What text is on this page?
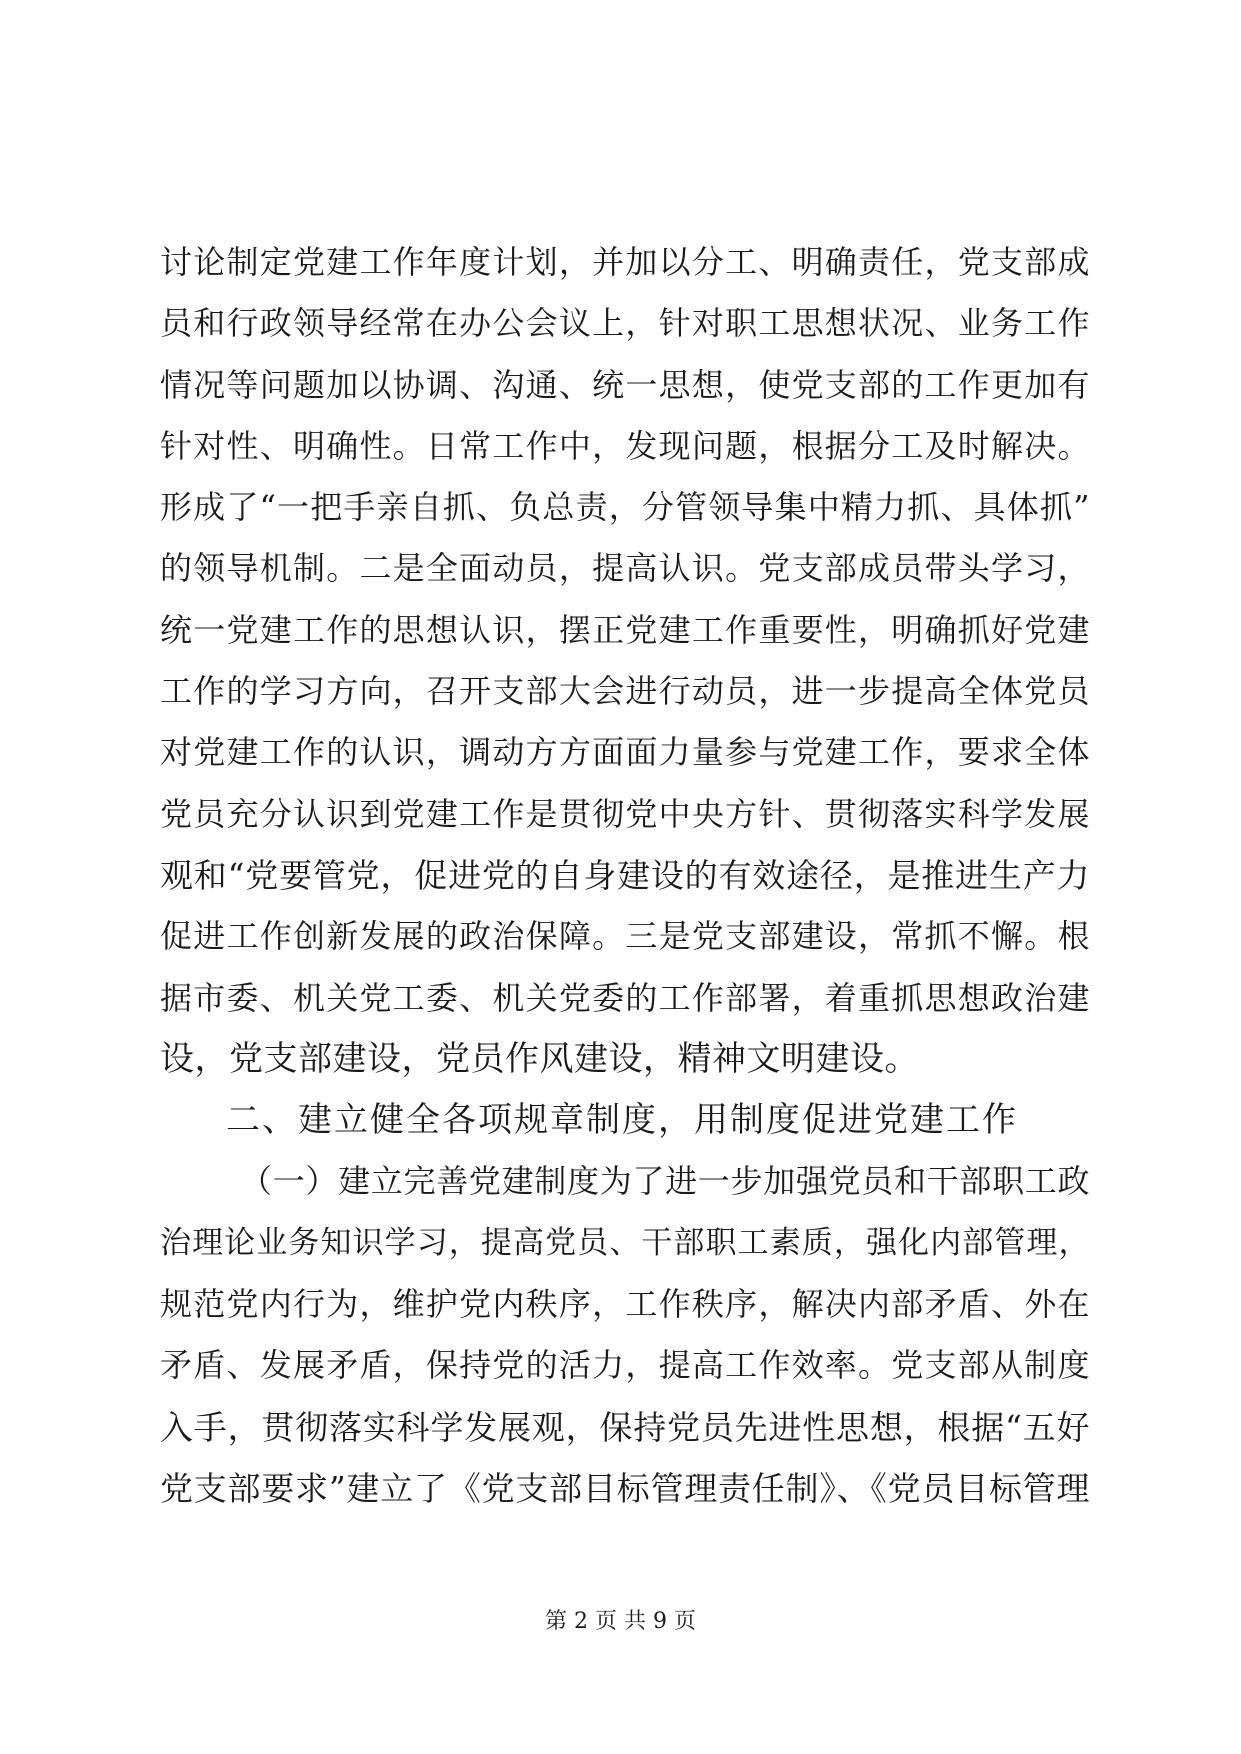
讨论制定党建工作年度计划，并加以分工、明确责任，党支部成
员和行政领导经常在办公会议上，针对职工思想状况、业务工作
情况等问题加以协调、沟通、统一思想，使党支部的工作更加有
针对性、明确性。日常工作中，发现问题，根据分工及时解决。
形成了“一把手亲自抓、负总责，分管领导集中精力抓、具体抓”
的领导机制。二是全面动员，提高认识。党支部成员带头学习，
统一党建工作的思想认识，摆正党建工作重要性，明确抓好党建
工作的学习方向，召开支部大会进行动员，进一步提高全体党员
对党建工作的认识，调动方方面面力量参与党建工作，要求全体
党员充分认识到党建工作是贯彻党中央方针、贯彻落实科学发展
观和“党要管党，促进党的自身建设的有效途径，是推进生产力
促进工作创新发展的政治保障。三是党支部建设，常抓不懈。根
据市委、机关党工委、机关党委的工作部署，着重抓思想政治建
设，党支部建设，党员作风建设，精神文明建设。
二、建立健全各项规章制度，用制度促进党建工作
（一）建立完善党建制度为了进一步加强党员和干部职工政
治理论业务知识学习，提高党员、干部职工素质，强化内部管理，
规范党内行为，维护党内秩序，工作秩序，解决内部矛盾、外在
矛盾、发展矛盾，保持党的活力，提高工作效率。党支部从制度
入手，贯彻落实科学发展观，保持党员先进性思想，根据“五好
党支部要求”建立了《党支部目标管理责任制》、《党员目标管理
第 2 页 共 9 页
